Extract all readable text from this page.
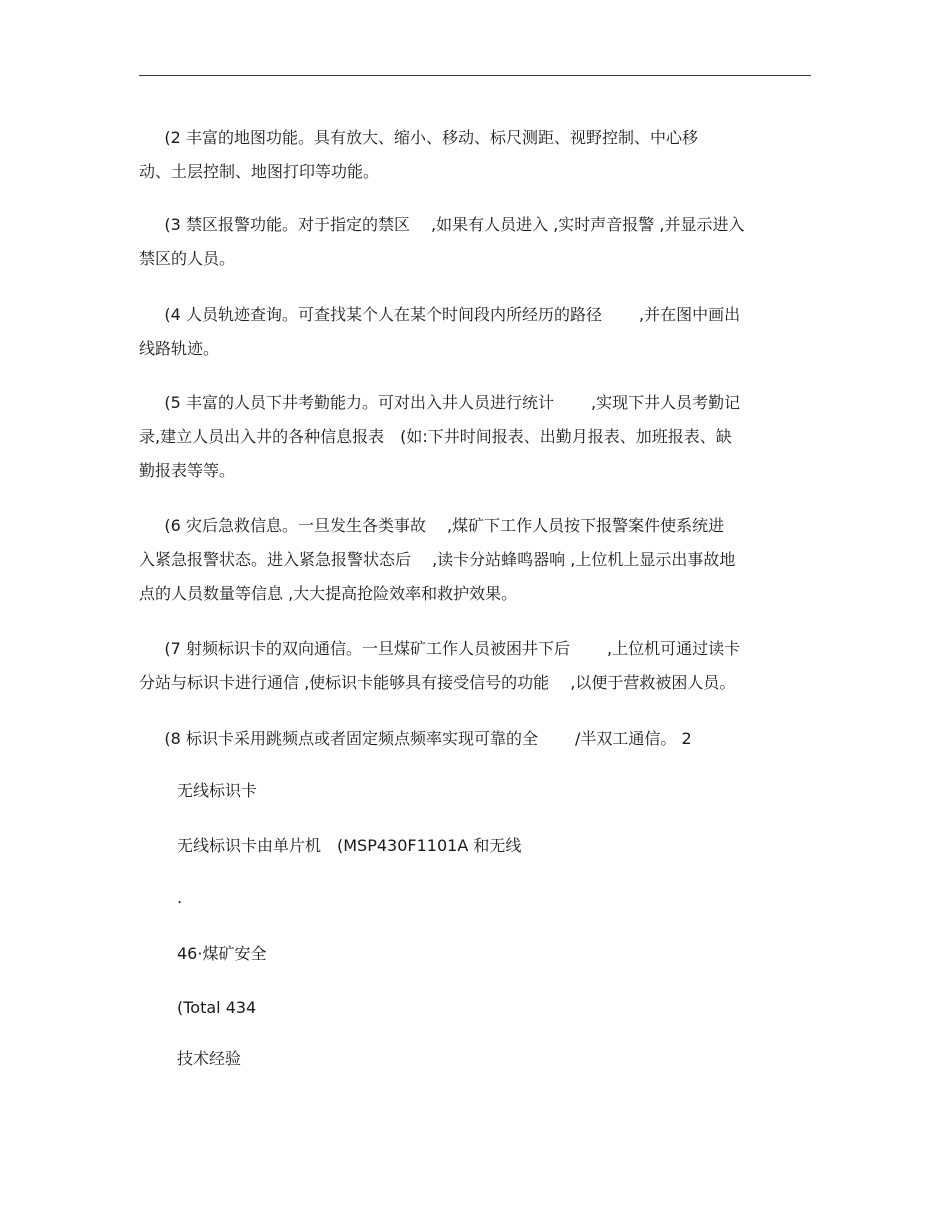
(2 丰富的地图功能。具有放大、缩小、移动、标尺测距、视野控制、中心移
动、土层控制、地图打印等功能。
(3 禁区报警功能。对于指定的禁区　 ,如果有人员进入 ,实时声音报警 ,并显示进入
禁区的人员。
(4 人员轨迹查询。可查找某个人在某个时间段内所经历的路径　 　,并在图中画出
线路轨迹。
(5 丰富的人员下井考勤能力。可对出入井人员进行统计　 　,实现下井人员考勤记
录,建立人员出入井的各种信息报表　(如:下井时间报表、出勤月报表、加班报表、缺
勤报表等等。
(6 灾后急救信息。一旦发生各类事故　 ,煤矿下工作人员按下报警案件使系统进
入紧急报警状态。进入紧急报警状态后　 ,读卡分站蜂鸣器响 ,上位机上显示出事故地
点的人员数量等信息 ,大大提高抢险效率和救护效果。
(7 射频标识卡的双向通信。一旦煤矿工作人员被困井下后　 　,上位机可通过读卡
分站与标识卡进行通信 ,使标识卡能够具有接受信号的功能 　,以便于营救被困人员。
(8 标识卡采用跳频点或者固定频点频率实现可靠的全　 　/半双工通信。 2
无线标识卡
无线标识卡由单片机　(MSP430F1101A 和无线
.
46·煤矿安全
(Total 434
技术经验
